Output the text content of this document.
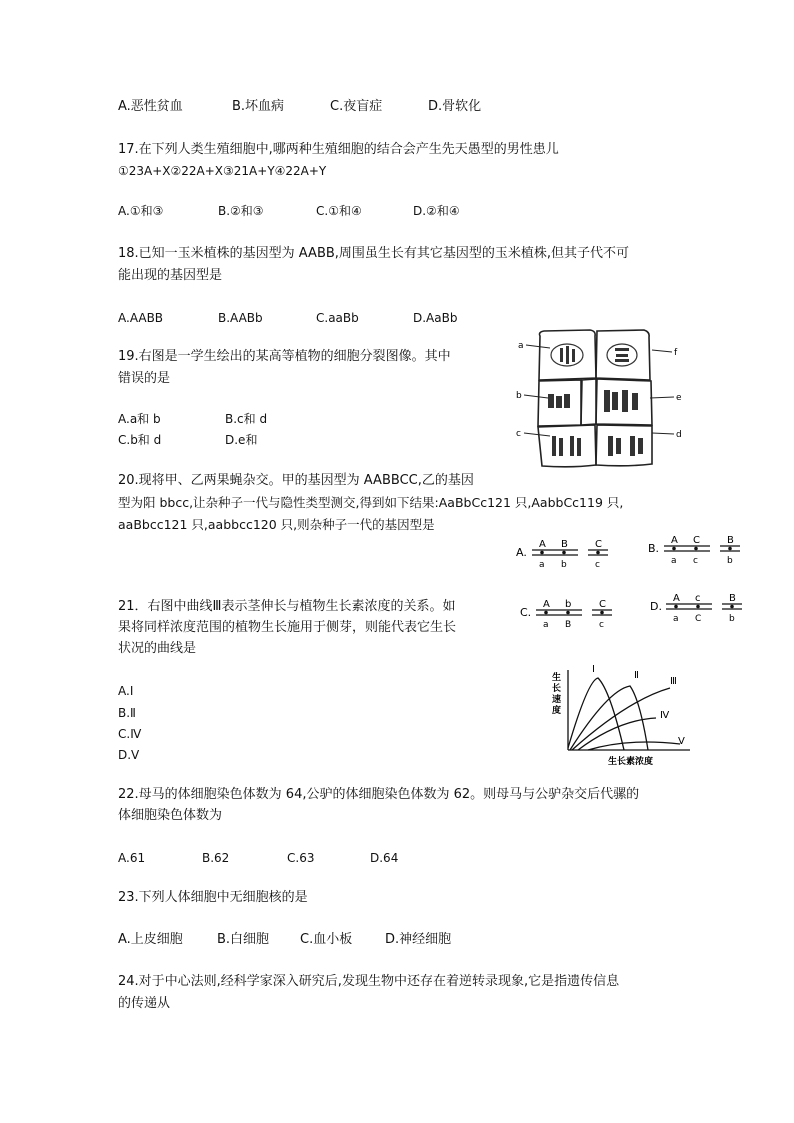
A.恶性贫血	B.坏血病	C.夜盲症	D.骨软化
17.在下列人类生殖细胞中,哪两种生殖细胞的结合会产生先天愚型的男性患儿
①23A+X②22A+X③21A+Y④22A+Y
A.①和③	B.②和③	C.①和④	D.②和④
18.已知一玉米植株的基因型为 AABB,周围虽生长有其它基因型的玉米植株,但其子代不可
能出现的基因型是
A.AABB	B.AABb	C.aaBb	D.AaBb
19.右图是一学生绘出的某高等植物的细胞分裂图像。其中
错误的是
A.a和 b	B.c和 d
C.b和 d	D.e和
a
b
c	d
e
f
20.现将甲、乙两果蝇杂交。甲的基因型为 AABBCC,乙的基因
型为阳 bbcc,让杂种子一代与隐性类型测交,得到如下结果:AaBbCc121 只,AabbCc119 只,
aaBbcc121 只,aabbcc120 只,则杂种子一代的基因型是
A.
A
a
B
b
C
c
B.
A
a
C
c
B
b
C.
A
a
b
B
C
c
D.
A
a
c
C
B
b
21．右图中曲线Ⅲ表示茎伸长与植物生长素浓度的关系。如
果将同样浓度范围的植物生长施用于侧芽，则能代表它生长
状况的曲线是
A.Ⅰ
B.Ⅱ
C.Ⅳ
D.Ⅴ
生
长
速
度
生长素浓度
Ⅰ
Ⅱ
Ⅲ
Ⅳ
Ⅴ
22.母马的体细胞染色体数为 64,公驴的体细胞染色体数为 62。则母马与公驴杂交后代骡的
体细胞染色体数为
A.61	B.62	C.63	D.64
23.下列人体细胞中无细胞核的是
A.上皮细胞	B.白细胞 C.血小板	D.神经细胞
24.对于中心法则,经科学家深入研究后,发现生物中还存在着逆转录现象,它是指遗传信息
的传递从
